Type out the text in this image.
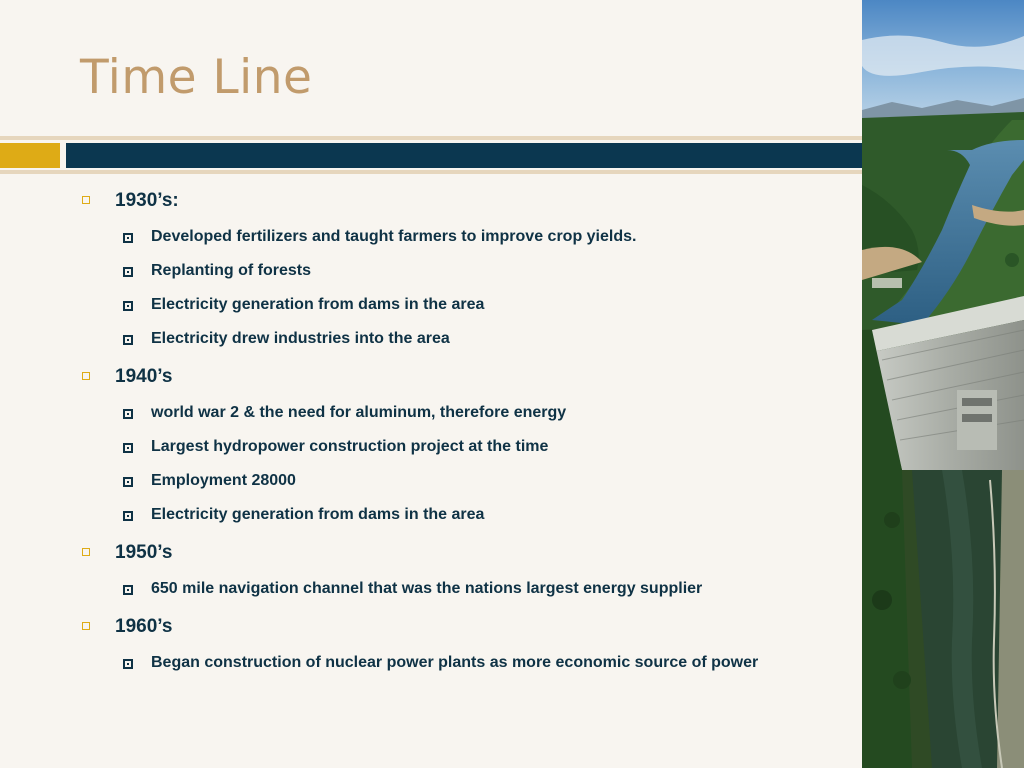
Time Line
1930’s:
Developed fertilizers and taught farmers to improve crop yields.
Replanting of forests
Electricity generation from dams in the area
Electricity drew industries into the area
1940’s
world war 2 & the need for aluminum, therefore energy
Largest hydropower construction project at the time
Employment 28000
Electricity generation from dams in the area
1950’s
650 mile navigation channel that was the nations largest energy supplier
1960’s
Began construction of nuclear power plants as more economic source of power
